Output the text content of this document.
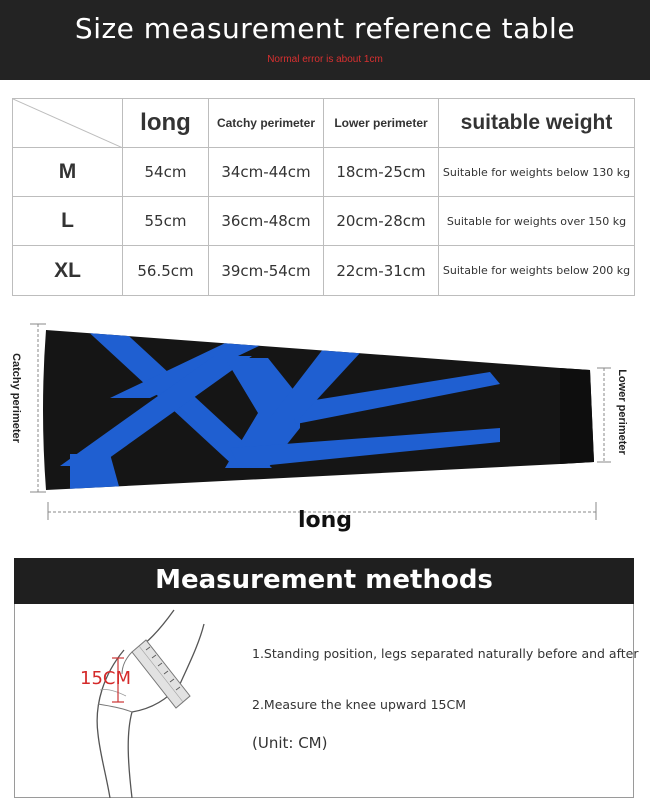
Size measurement reference table
Normal error is about 1cm
	long	Catchy perimeter	Lower perimeter	suitable weight
M	54cm	34cm-44cm	18cm-25cm	Suitable for weights below 130 kg
L	55cm	36cm-48cm	20cm-28cm	Suitable for weights over 150 kg
XL	56.5cm	39cm-54cm	22cm-31cm	Suitable for weights below 200 kg
Catchy perimeter	Lower perimeter
long
Measurement methods
15CM
1.Standing position, legs separated naturally before and after
2.Measure the knee upward 15CM
(Unit: CM)
